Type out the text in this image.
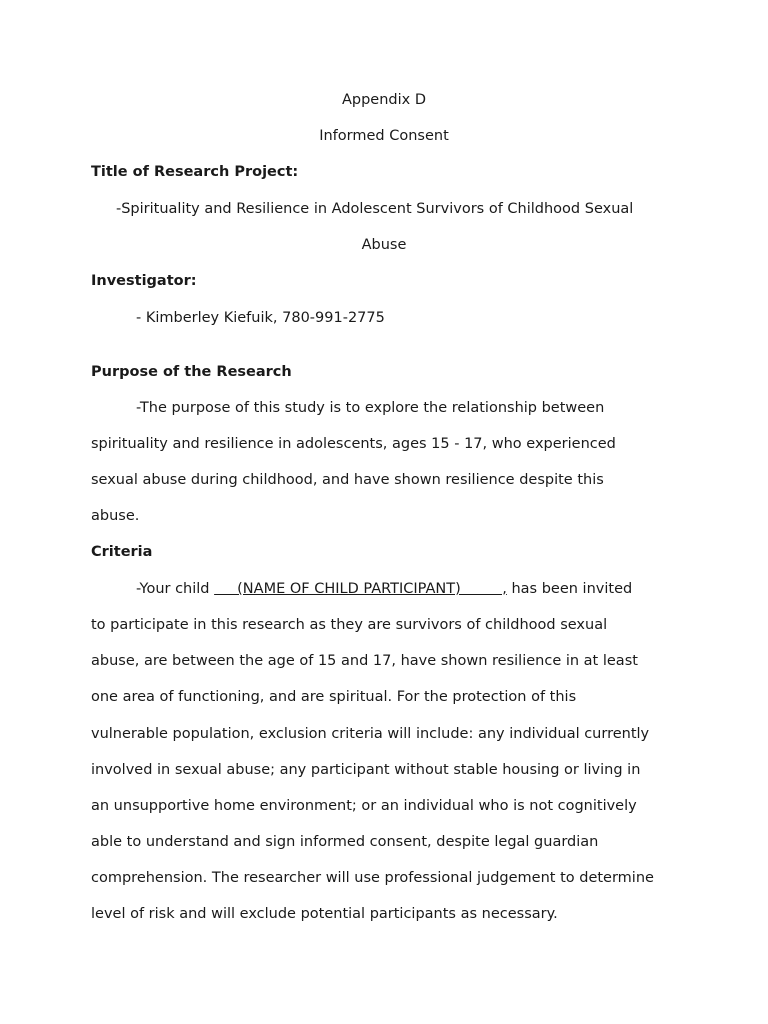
Appendix D
Informed Consent
Title of Research Project:
-Spirituality and Resilience in Adolescent Survivors of Childhood Sexual
Abuse
Investigator:
- Kimberley Kiefuik, 780-991-2775
Purpose of the Research
-The purpose of this study is to explore the relationship between
spirituality and resilience in adolescents, ages 15 - 17, who experienced
sexual abuse during childhood, and have shown resilience despite this
abuse.
Criteria
-Your child      (NAME OF CHILD PARTICIPANT)         , has been invited
to participate in this research as they are survivors of childhood sexual
abuse, are between the age of 15 and 17, have shown resilience in at least
one area of functioning, and are spiritual. For the protection of this
vulnerable population, exclusion criteria will include: any individual currently
involved in sexual abuse; any participant without stable housing or living in
an unsupportive home environment; or an individual who is not cognitively
able to understand and sign informed consent, despite legal guardian
comprehension. The researcher will use professional judgement to determine
level of risk and will exclude potential participants as necessary.
